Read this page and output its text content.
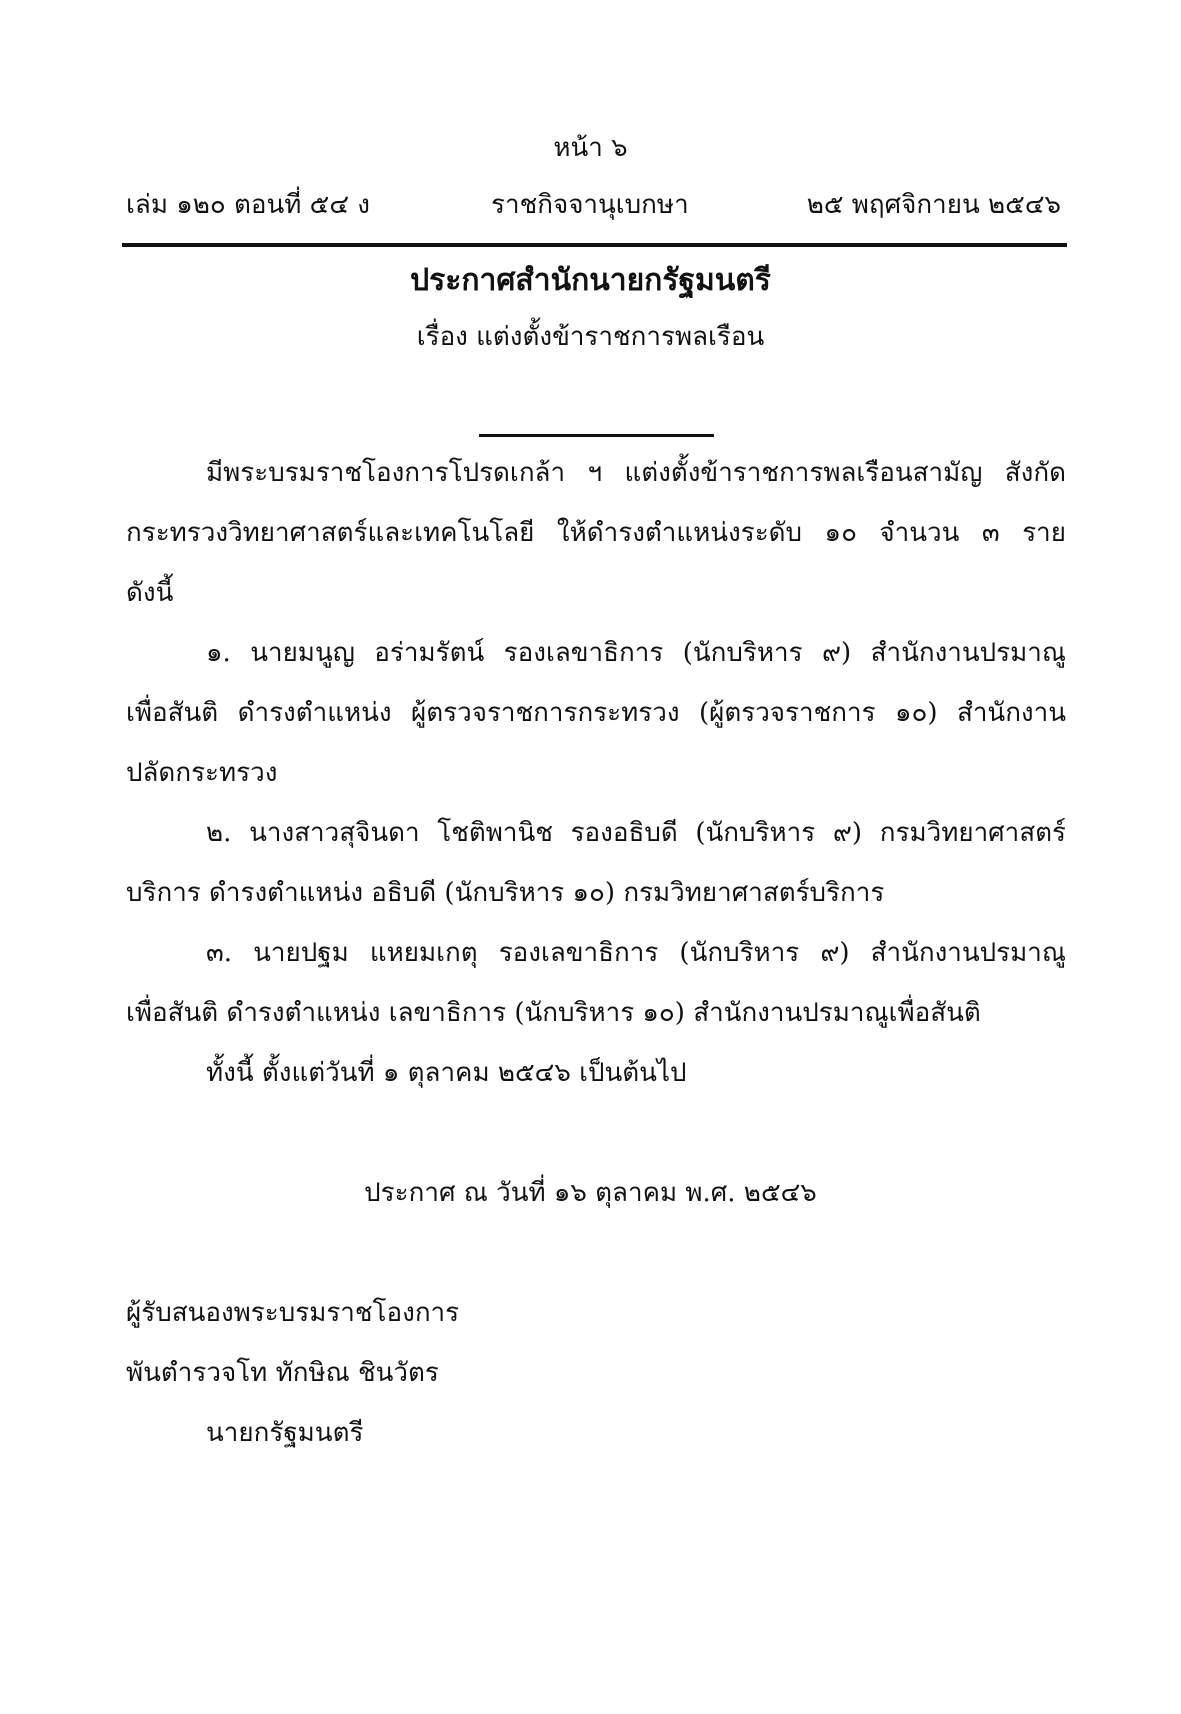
หน้า ๖
เล่ม ๑๒๐ ตอนที่ ๕๔ ง	ราชกิจจานุเบกษา	๒๕ พฤศจิกายน ๒๕๔๖
ประกาศสำนักนายกรัฐมนตรี
เรื่อง แต่งตั้งข้าราชการพลเรือน
มีพระบรมราชโองการโปรดเกล้า ฯ แต่งตั้งข้าราชการพลเรือนสามัญ สังกัด
กระทรวงวิทยาศาสตร์และเทคโนโลยี ให้ดำรงตำแหน่งระดับ ๑๐ จำนวน ๓ ราย
ดังนี้
๑. นายมนูญ อร่ามรัตน์ รองเลขาธิการ (นักบริหาร ๙) สำนักงานปรมาณู
เพื่อสันติ ดำรงตำแหน่ง ผู้ตรวจราชการกระทรวง (ผู้ตรวจราชการ ๑๐) สำนักงาน
ปลัดกระทรวง
๒. นางสาวสุจินดา โชติพานิช รองอธิบดี (นักบริหาร ๙) กรมวิทยาศาสตร์
บริการ ดำรงตำแหน่ง อธิบดี (นักบริหาร ๑๐) กรมวิทยาศาสตร์บริการ
๓. นายปฐม แหยมเกตุ รองเลขาธิการ (นักบริหาร ๙) สำนักงานปรมาณู
เพื่อสันติ ดำรงตำแหน่ง เลขาธิการ (นักบริหาร ๑๐) สำนักงานปรมาณูเพื่อสันติ
ทั้งนี้ ตั้งแต่วันที่ ๑ ตุลาคม ๒๕๔๖ เป็นต้นไป
ประกาศ ณ วันที่ ๑๖ ตุลาคม พ.ศ. ๒๕๔๖
ผู้รับสนองพระบรมราชโองการ
พันตำรวจโท ทักษิณ ชินวัตร
นายกรัฐมนตรี
